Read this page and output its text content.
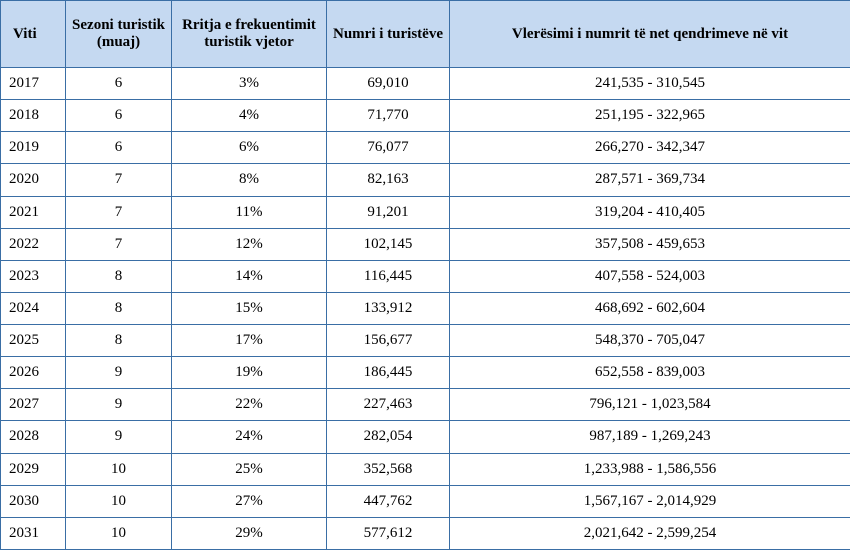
Viti	Sezoni turistik (muaj)	Rritja e frekuentimit turistik vjetor	Numri i turistëve	Vlerësimi i numrit të net qendrimeve në vit
2017	6	3%	69,010	241,535 - 310,545
2018	6	4%	71,770	251,195 - 322,965
2019	6	6%	76,077	266,270 - 342,347
2020	7	8%	82,163	287,571 - 369,734
2021	7	11%	91,201	319,204 - 410,405
2022	7	12%	102,145	357,508 - 459,653
2023	8	14%	116,445	407,558 - 524,003
2024	8	15%	133,912	468,692 - 602,604
2025	8	17%	156,677	548,370 - 705,047
2026	9	19%	186,445	652,558 - 839,003
2027	9	22%	227,463	796,121 - 1,023,584
2028	9	24%	282,054	987,189 - 1,269,243
2029	10	25%	352,568	1,233,988 - 1,586,556
2030	10	27%	447,762	1,567,167 - 2,014,929
2031	10	29%	577,612	2,021,642 - 2,599,254
